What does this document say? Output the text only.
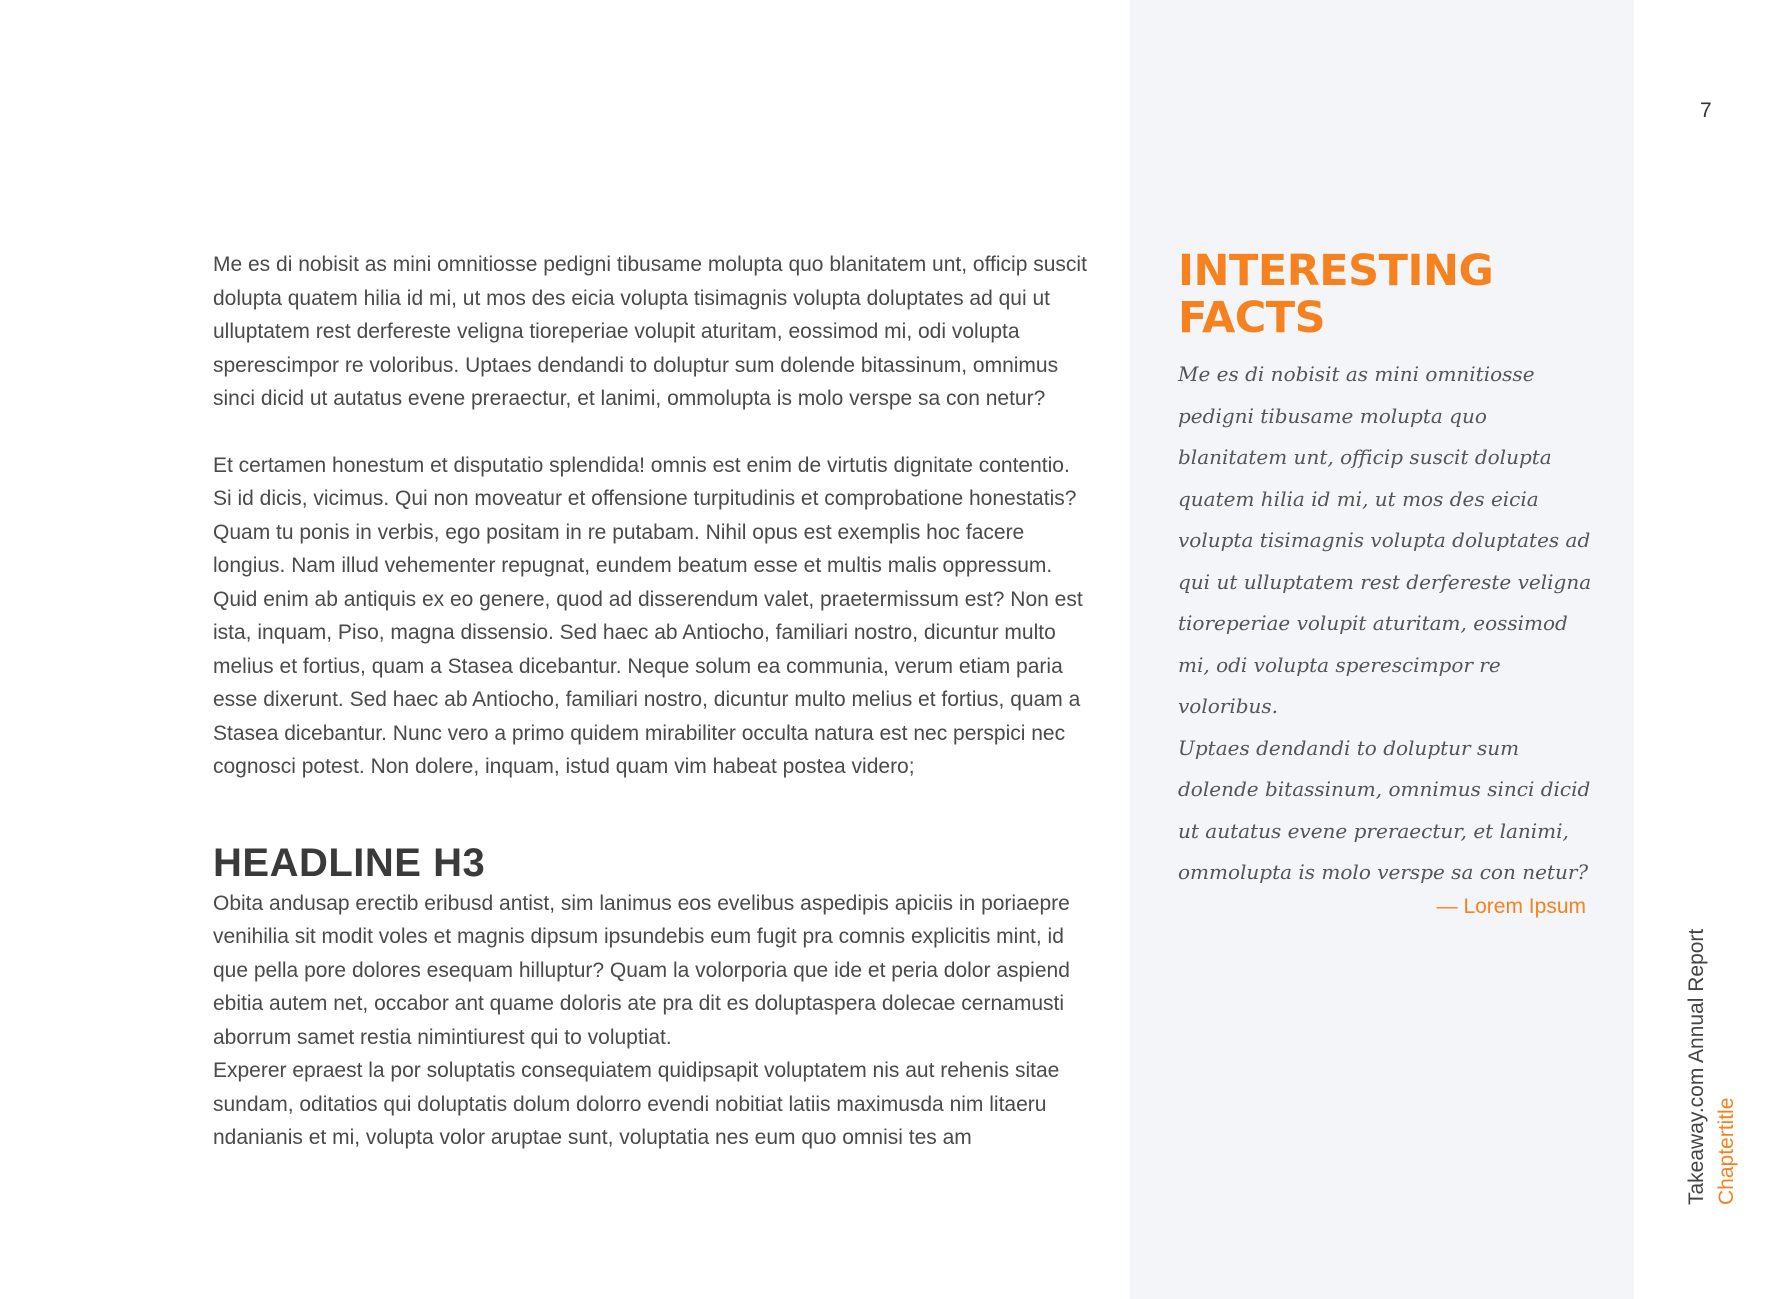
7

Me es di nobisit as mini omnitiosse pedigni tibusame molupta quo blanitatem unt, officip suscit dolupta quatem hilia id mi, ut mos des eicia volupta tisimagnis volupta doluptates ad qui ut ulluptatem rest derfereste veligna tioreperiae volupit aturitam, eossimod mi, odi volupta sperescimpor re voloribus. Uptaes dendandi to doluptur sum dolende bitassinum, omnimus sinci dicid ut autatus evene preraectur, et lanimi, ommolupta is molo verspe sa con netur?

Et certamen honestum et disputatio splendida! omnis est enim de virtutis dignitate contentio. Si id dicis, vicimus. Qui non moveatur et offensione turpitudinis et comprobatione honestatis? Quam tu ponis in verbis, ego positam in re putabam. Nihil opus est exemplis hoc facere longius. Nam illud vehementer repugnat, eundem beatum esse et multis malis oppressum. Quid enim ab antiquis ex eo genere, quod ad disserendum valet, praetermissum est? Non est ista, inquam, Piso, magna dissensio. Sed haec ab Antiocho, familiari nostro, dicuntur multo melius et fortius, quam a Stasea dicebantur. Neque solum ea communia, verum etiam paria esse dixerunt. Sed haec ab Antiocho, familiari nostro, dicuntur multo melius et fortius, quam a Stasea dicebantur. Nunc vero a primo quidem mirabiliter occulta natura est nec perspici nec cognosci potest. Non dolere, inquam, istud quam vim habeat postea videro;

HEADLINE H3

Obita andusap erectib eribusd antist, sim lanimus eos evelibus aspedipis apiciis in poriaepre venihilia sit modit voles et magnis dipsum ipsundebis eum fugit pra comnis explicitis mint, id que pella pore dolores esequam hilluptur? Quam la volorporia que ide et peria dolor aspiend ebitia autem net, occabor ant quame doloris ate pra dit es doluptaspera dolecae cernamusti aborrum samet restia nimintiurest qui to voluptiat.

Experer epraest la por soluptatis consequiatem quidipsapit voluptatem nis aut rehenis sitae sundam, oditatios qui doluptatis dolum dolorro evendi nobitiat latiis maximusda nim litaeru ndanianis et mi, volupta volor aruptae sunt, voluptatia nes eum quo omnisi tes am

INTERESTING
FACTS

Me es di nobisit as mini omnitiosse pedigni tibusame molupta quo blanitatem unt, officip suscit dolupta quatem hilia id mi, ut mos des eicia volupta tisimagnis volupta doluptates ad qui ut ulluptatem rest derfereste veligna tioreperiae volupit aturitam, eossimod mi, odi volupta sperescimpor re voloribus.

Uptaes dendandi to doluptur sum dolende bitassinum, omnimus sinci dicid ut autatus evene preraectur, et lanimi, ommolupta is molo verspe sa con netur?

— Lorem Ipsum
Takeaway.com Annual Report Chaptertitle
